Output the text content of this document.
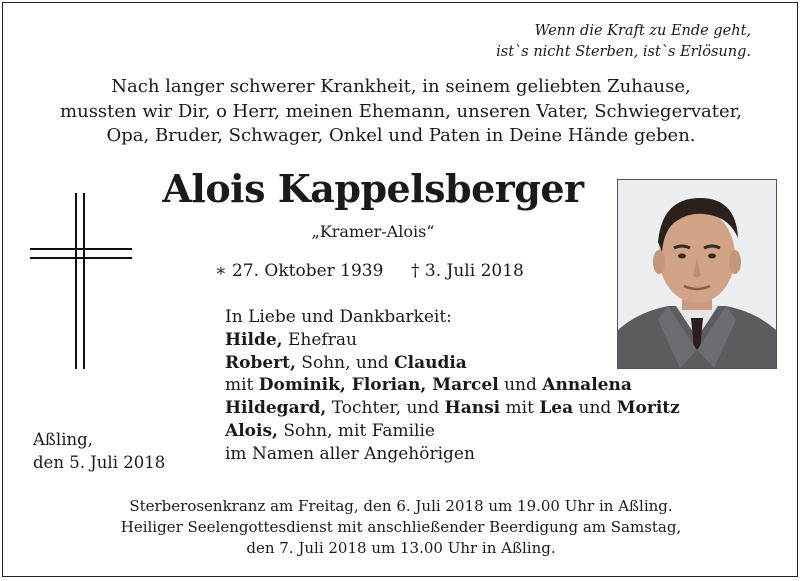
Wenn die Kraft zu Ende geht,
ist`s nicht Sterben, ist`s Erlösung.
Nach langer schwerer Krankheit, in seinem geliebten Zuhause,
mussten wir Dir, o Herr, meinen Ehemann, unseren Vater, Schwiegervater,
Opa, Bruder, Schwager, Onkel und Paten in Deine Hände geben.
Alois Kappelsberger
„Kramer-Alois“
∗ 27. Oktober 1939 † 3. Juli 2018
In Liebe und Dankbarkeit:
Hilde, Ehefrau
Robert, Sohn, und Claudia
mit Dominik, Florian, Marcel und Annalena
Hildegard, Tochter, und Hansi mit Lea und Moritz
Alois, Sohn, mit Familie
im Namen aller Angehörigen
Aßling,
den 5. Juli 2018
Sterberosenkranz am Freitag, den 6. Juli 2018 um 19.00 Uhr in Aßling.
Heiliger Seelengottesdienst mit anschließender Beerdigung am Samstag,
den 7. Juli 2018 um 13.00 Uhr in Aßling.
